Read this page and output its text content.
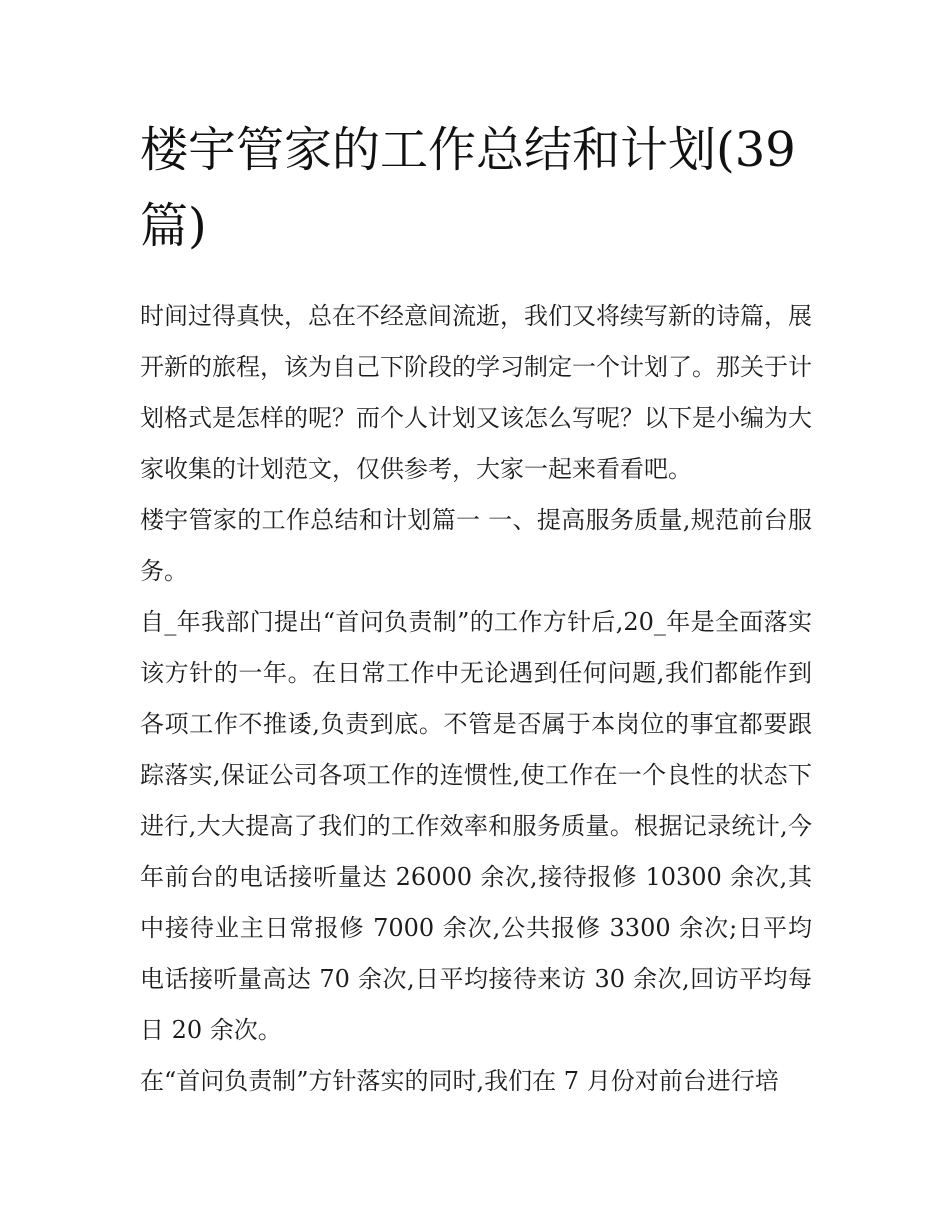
楼宇管家的工作总结和计划(39篇)

时间过得真快，总在不经意间流逝，我们又将续写新的诗篇，展开新的旅程，该为自己下阶段的学习制定一个计划了。那关于计划格式是怎样的呢？而个人计划又该怎么写呢？以下是小编为大家收集的计划范文，仅供参考，大家一起来看看吧。

楼宇管家的工作总结和计划篇一 一、提高服务质量,规范前台服务。

自_年我部门提出“首问负责制”的工作方针后,20_年是全面落实该方针的一年。在日常工作中无论遇到任何问题,我们都能作到各项工作不推诿,负责到底。不管是否属于本岗位的事宜都要跟踪落实,保证公司各项工作的连惯性,使工作在一个良性的状态下进行,大大提高了我们的工作效率和服务质量。根据记录统计,今年前台的电话接听量达 26000 余次,接待报修 10300 余次,其中接待业主日常报修 7000 余次,公共报修 3300 余次;日平均电话接听量高达 70 余次,日平均接待来访 30 余次,回访平均每日 20 余次。

在“首问负责制”方针落实的同时,我们在 7 月份对前台进行培
